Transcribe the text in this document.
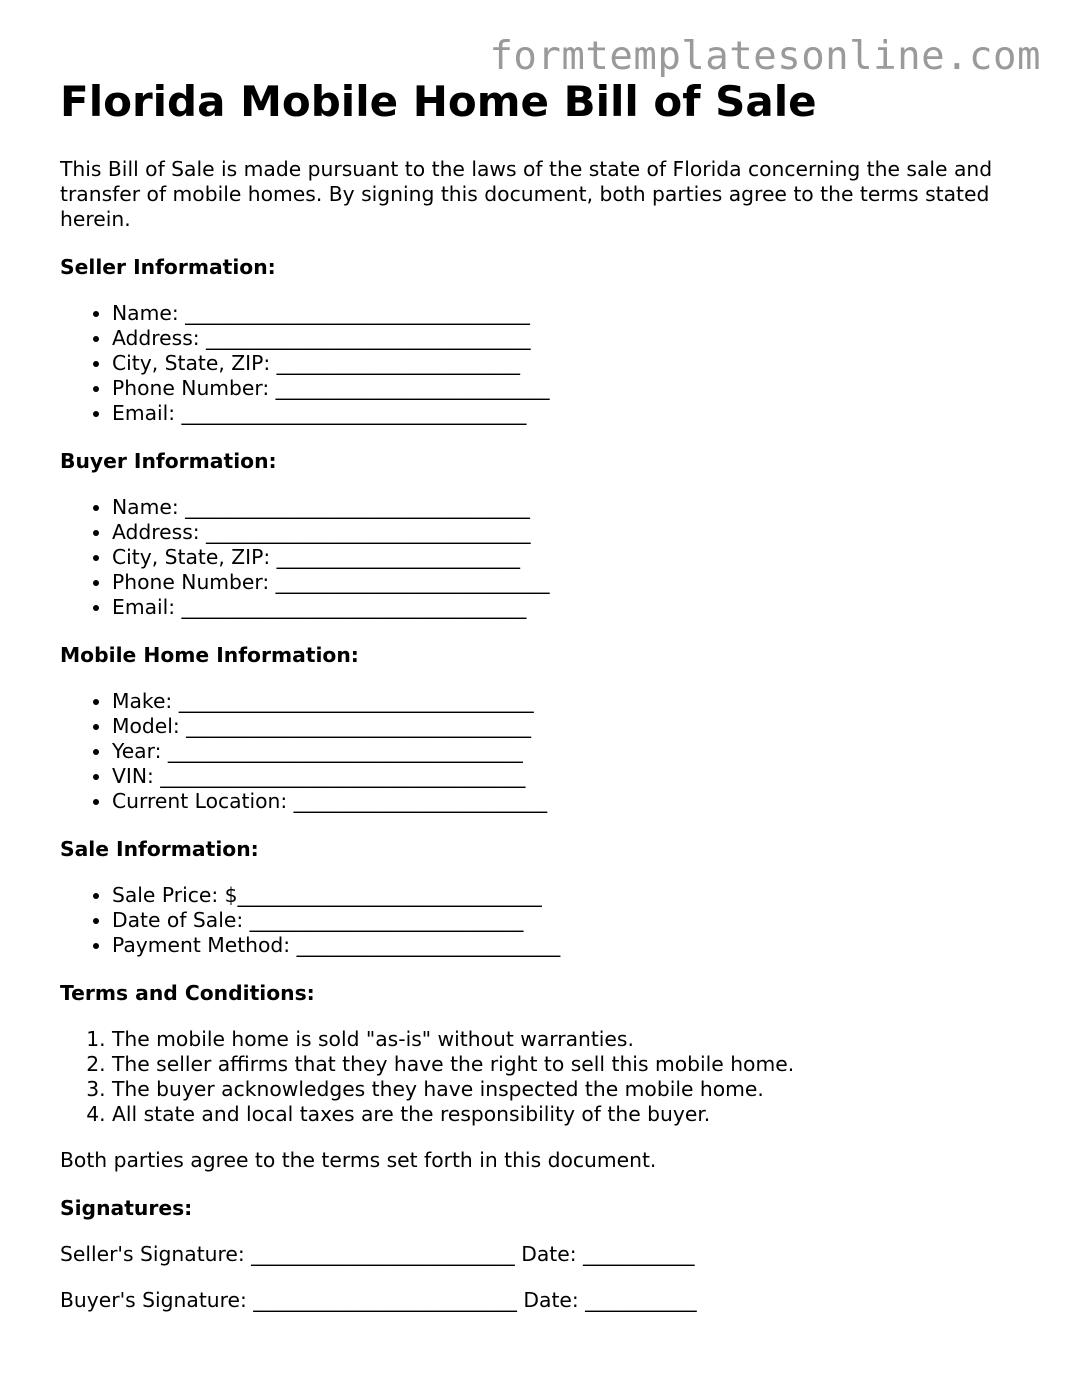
formtemplatesonline.com
Florida Mobile Home Bill of Sale

This Bill of Sale is made pursuant to the laws of the state of Florida concerning the sale and transfer of mobile homes. By signing this document, both parties agree to the terms stated herein.

Seller Information:
• Name: __________________________________
• Address: ________________________________
• City, State, ZIP: ________________________
• Phone Number: ___________________________
• Email: __________________________________
Buyer Information:
• Name: __________________________________
• Address: ________________________________
• City, State, ZIP: ________________________
• Phone Number: ___________________________
• Email: __________________________________
Mobile Home Information:
• Make: ___________________________________
• Model: __________________________________
• Year: ___________________________________
• VIN: ____________________________________
• Current Location: _________________________
Sale Information:
• Sale Price: $______________________________
• Date of Sale: ___________________________
• Payment Method: __________________________
Terms and Conditions:
1. The mobile home is sold "as-is" without warranties.
2. The seller affirms that they have the right to sell this mobile home.
3. The buyer acknowledges they have inspected the mobile home.
4. All state and local taxes are the responsibility of the buyer.

Both parties agree to the terms set forth in this document.

Signatures:

Seller's Signature: __________________________ Date: ___________

Buyer's Signature: __________________________ Date: ___________
